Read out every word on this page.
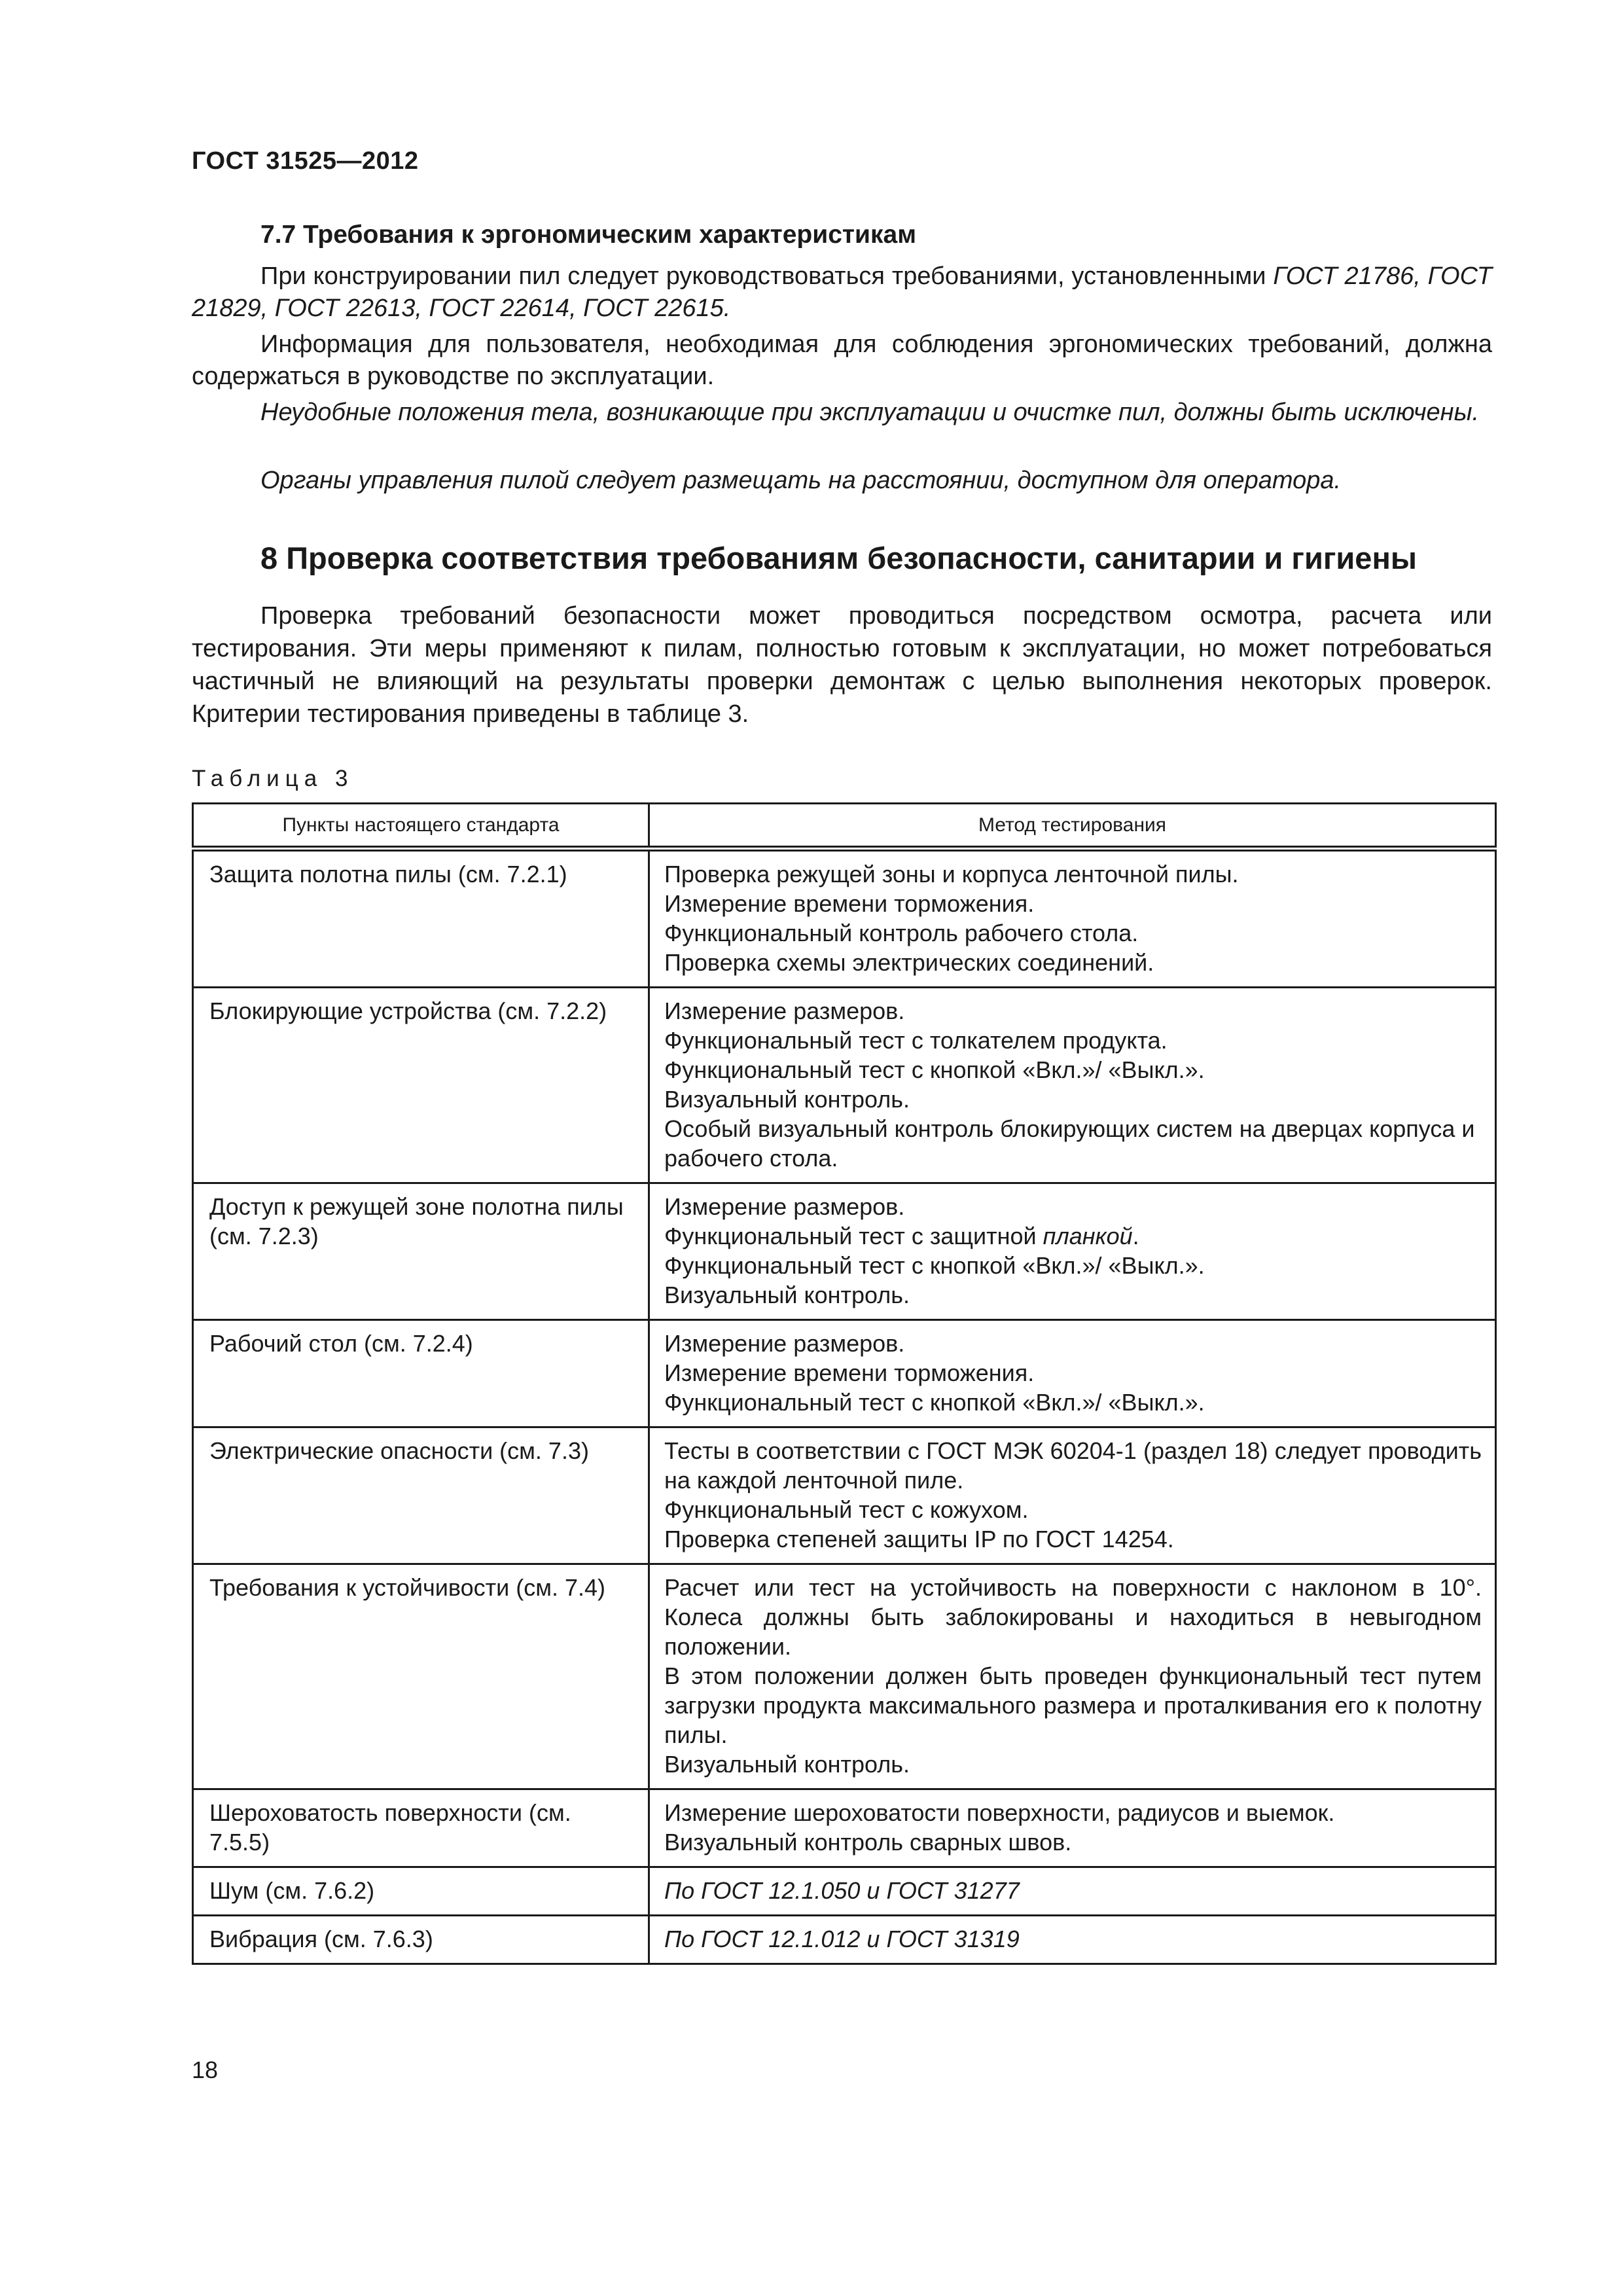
ГОСТ 31525—2012
7.7 Требования к эргономическим характеристикам

При конструировании пил следует руководствоваться требованиями, установленными ГОСТ 21786, ГОСТ 21829, ГОСТ 22613, ГОСТ 22614, ГОСТ 22615.

Информация для пользователя, необходимая для соблюдения эргономических требований, должна содержаться в руководстве по эксплуатации.

Неудобные положения тела, возникающие при эксплуатации и очистке пил, должны быть исключены.

Органы управления пилой следует размещать на расстоянии, доступном для оператора.

8 Проверка соответствия требованиям безопасности, санитарии и гигиены

Проверка требований безопасности может проводиться посредством осмотра, расчета или тестирования. Эти меры применяют к пилам, полностью готовым к эксплуатации, но может потребоваться частичный не влияющий на результаты проверки демонтаж с целью выполнения некоторых проверок. Критерии тестирования приведены в таблице 3.

Таблица 3
Пункты настоящего стандарта	Метод тестирования
Защита полотна пилы (см. 7.2.1)	Проверка режущей зоны и корпуса ленточной пилы.
Измерение времени торможения.
Функциональный контроль рабочего стола.
Проверка схемы электрических соединений.

Блокирующие устройства (см. 7.2.2)	Измерение размеров.
Функциональный тест с толкателем продукта.
Функциональный тест с кнопкой «Вкл.»/ «Выкл.».
Визуальный контроль.
Особый визуальный контроль блокирующих систем на дверцах корпуса и рабочего стола.

Доступ к режущей зоне полотна пилы (см. 7.2.3)	Измерение размеров.
Функциональный тест с защитной планкой.
Функциональный тест с кнопкой «Вкл.»/ «Выкл.».
Визуальный контроль.

Рабочий стол (см. 7.2.4)	Измерение размеров.
Измерение времени торможения.
Функциональный тест с кнопкой «Вкл.»/ «Выкл.».

Электрические опасности (см. 7.3)	Тесты в соответствии с ГОСТ МЭК 60204-1 (раздел 18) следует проводить на каждой ленточной пиле.
Функциональный тест с кожухом.
Проверка степеней защиты IP по ГОСТ 14254.

Требования к устойчивости (см. 7.4)	Расчет или тест на устойчивость на поверхности с наклоном в 10°. Колеса должны быть заблокированы и находиться в невыгодном положении.
В этом положении должен быть проведен функциональный тест путем загрузки продукта максимального размера и проталкивания его к полотну пилы.
Визуальный контроль.

Шероховатость поверхности (см. 7.5.5)	Измерение шероховатости поверхности, радиусов и выемок.
Визуальный контроль сварных швов.

Шум (см. 7.6.2)	По ГОСТ 12.1.050 и ГОСТ 31277
Вибрация (см. 7.6.3)	По ГОСТ 12.1.012 и ГОСТ 31319
18
